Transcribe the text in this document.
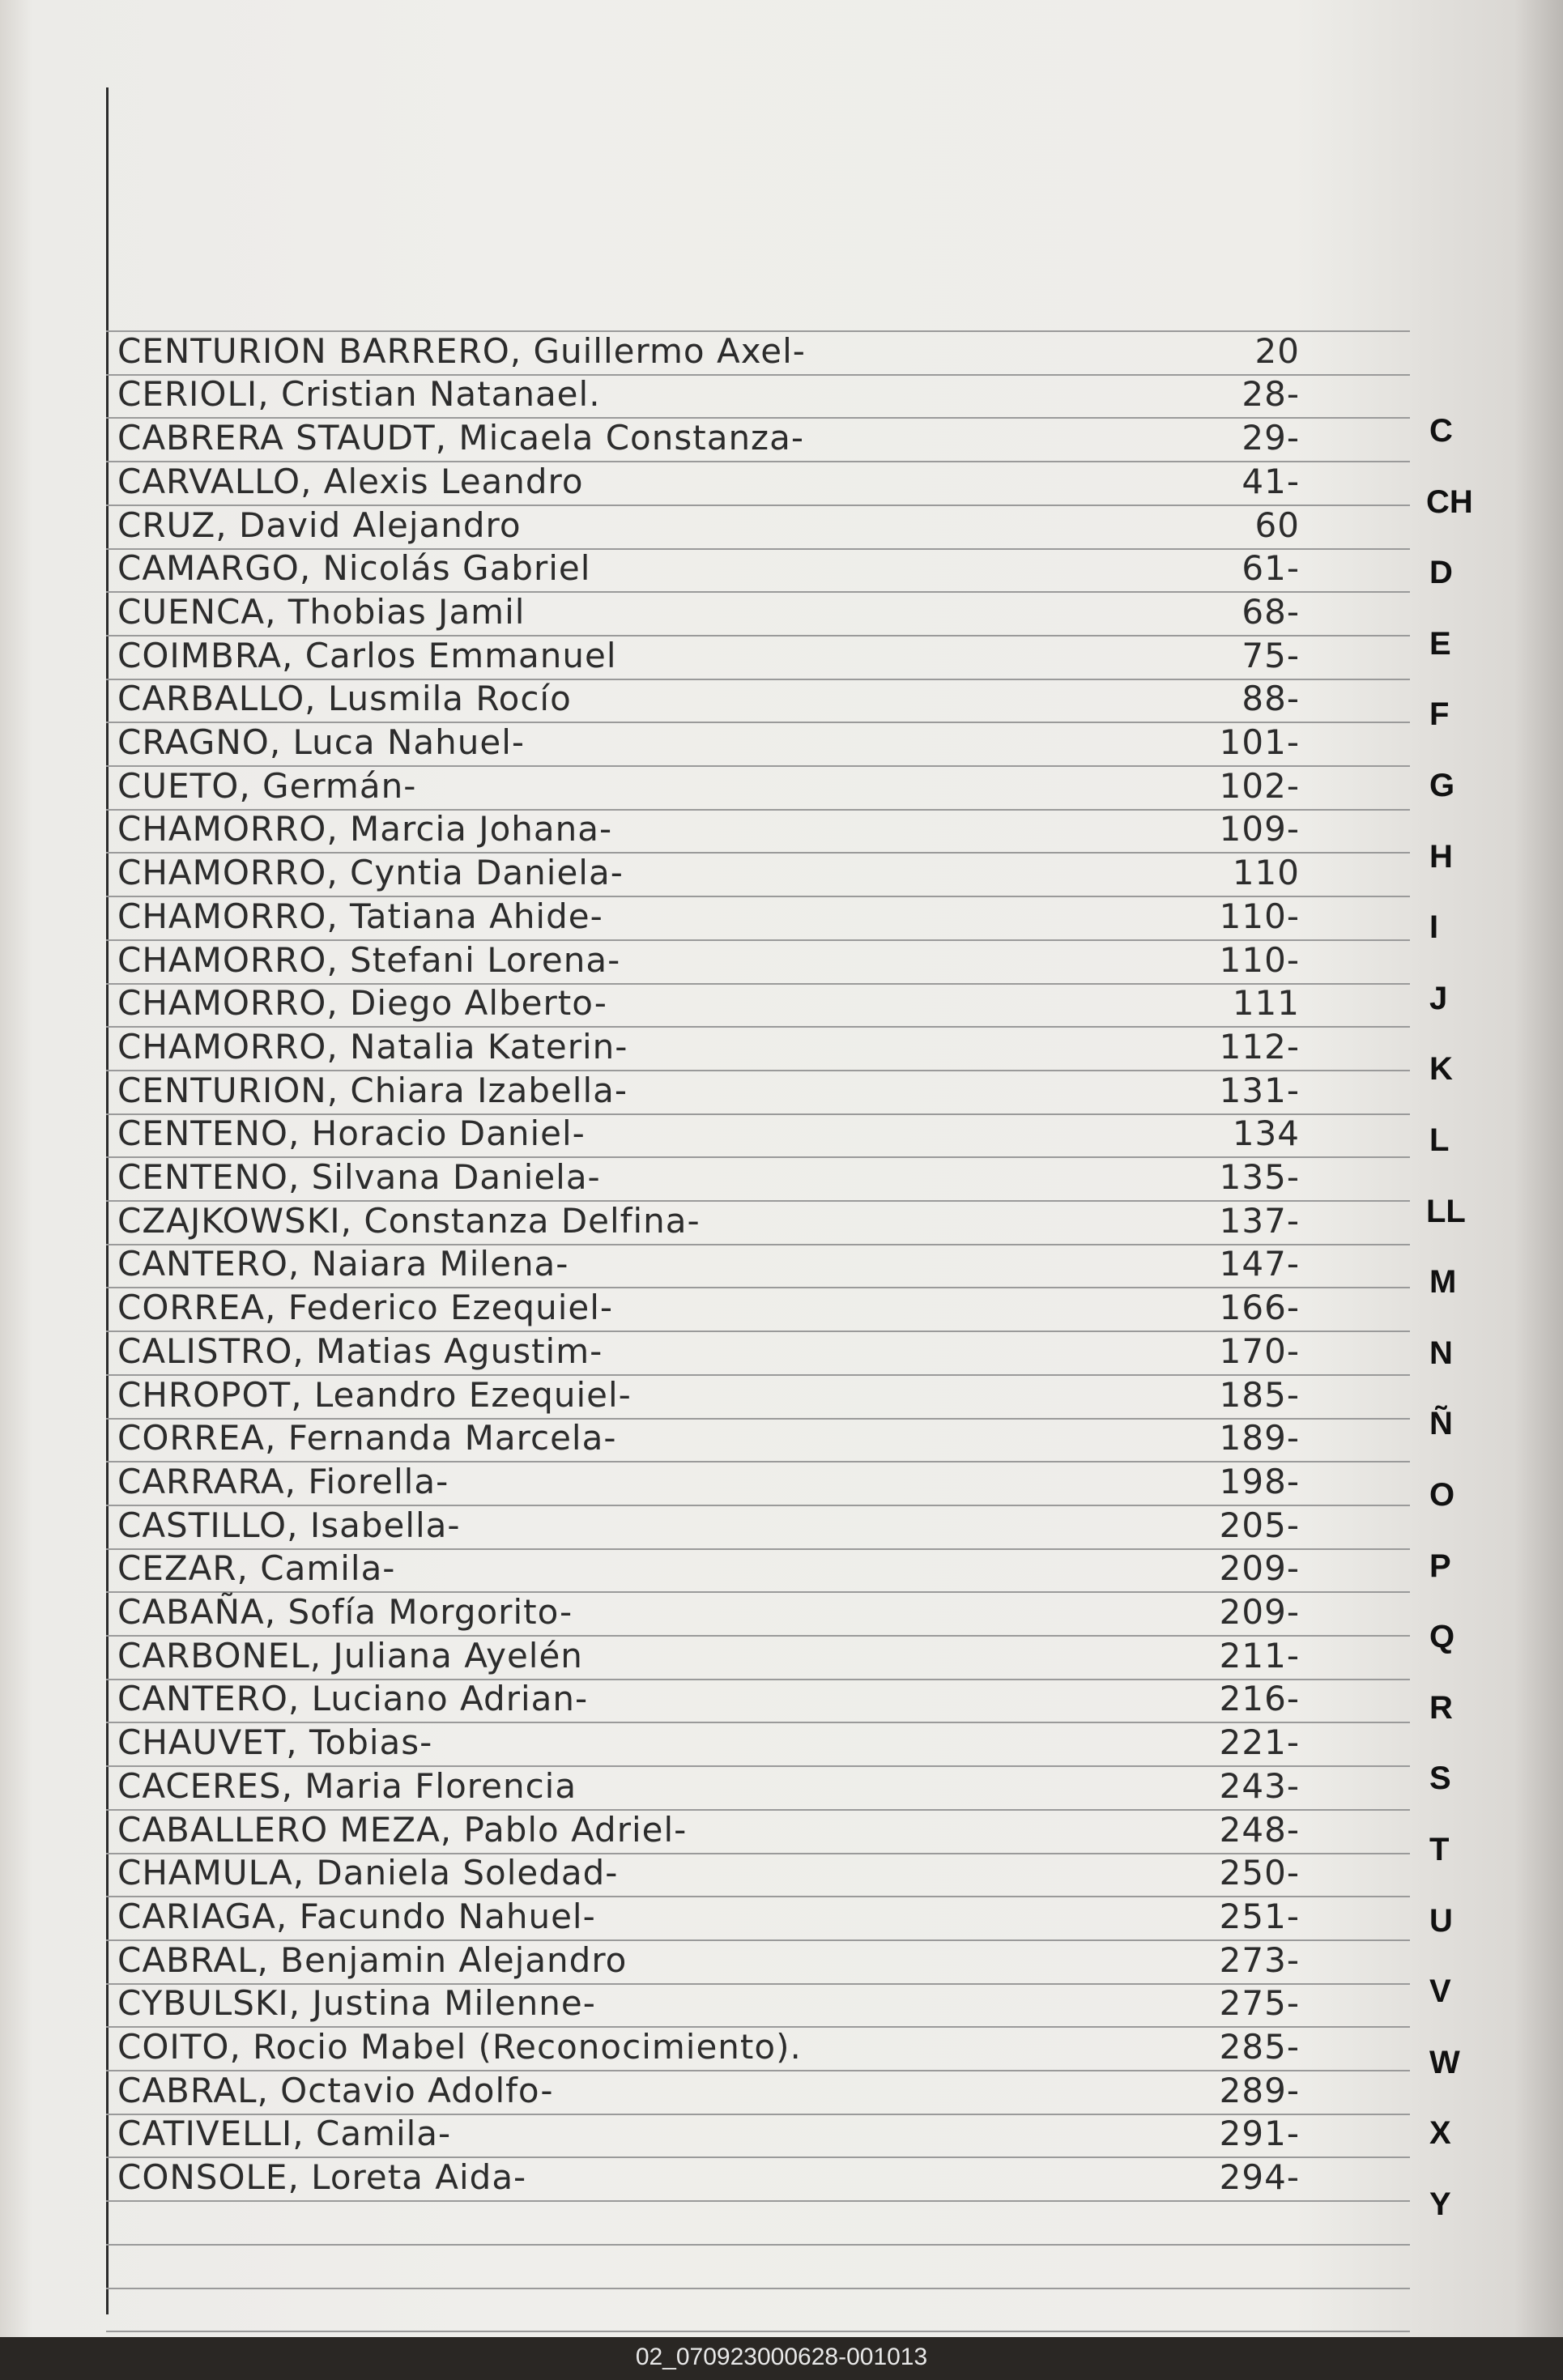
CENTURION BARRERO, Guillermo Axel-	20
CERIOLI, Cristian Natanael.	28-
CABRERA STAUDT, Micaela Constanza-	29-
CARVALLO, Alexis Leandro	41-
CRUZ, David Alejandro	60
CAMARGO, Nicolás Gabriel	61-
CUENCA, Thobias Jamil	68-
COIMBRA, Carlos Emmanuel	75-
CARBALLO, Lusmila Rocío	88-
CRAGNO, Luca Nahuel-	101-
CUETO, Germán-	102-
CHAMORRO, Marcia Johana-	109-
CHAMORRO, Cyntia Daniela-	110
CHAMORRO, Tatiana Ahide-	110-
CHAMORRO, Stefani Lorena-	110-
CHAMORRO, Diego Alberto-	111
CHAMORRO, Natalia Katerin-	112-
CENTURION, Chiara Izabella-	131-
CENTENO, Horacio Daniel-	134
CENTENO, Silvana Daniela-	135-
CZAJKOWSKI, Constanza Delfina-	137-
CANTERO, Naiara Milena-	147-
CORREA, Federico Ezequiel-	166-
CALISTRO, Matias Agustim-	170-
CHROPOT, Leandro Ezequiel-	185-
CORREA, Fernanda Marcela-	189-
CARRARA, Fiorella-	198-
CASTILLO, Isabella-	205-
CEZAR, Camila-	209-
CABAÑA, Sofía Morgorito-	209-
CARBONEL, Juliana Ayelén	211-
CANTERO, Luciano Adrian-	216-
CHAUVET, Tobias-	221-
CACERES, Maria Florencia	243-
CABALLERO MEZA, Pablo Adriel-	248-
CHAMULA, Daniela Soledad-	250-
CARIAGA, Facundo Nahuel-	251-
CABRAL, Benjamin Alejandro	273-
CYBULSKI, Justina Milenne-	275-
COITO, Rocio Mabel (Reconocimiento).	285-
CABRAL, Octavio Adolfo-	289-
CATIVELLI, Camila-	291-
CONSOLE, Loreta Aida-	294-
C
CH
D
E
F
G
H
I
J
K
L
LL
M
N
Ñ
O
P
Q
R
S
T
U
V
W
X
Y
02_070923000628-001013
